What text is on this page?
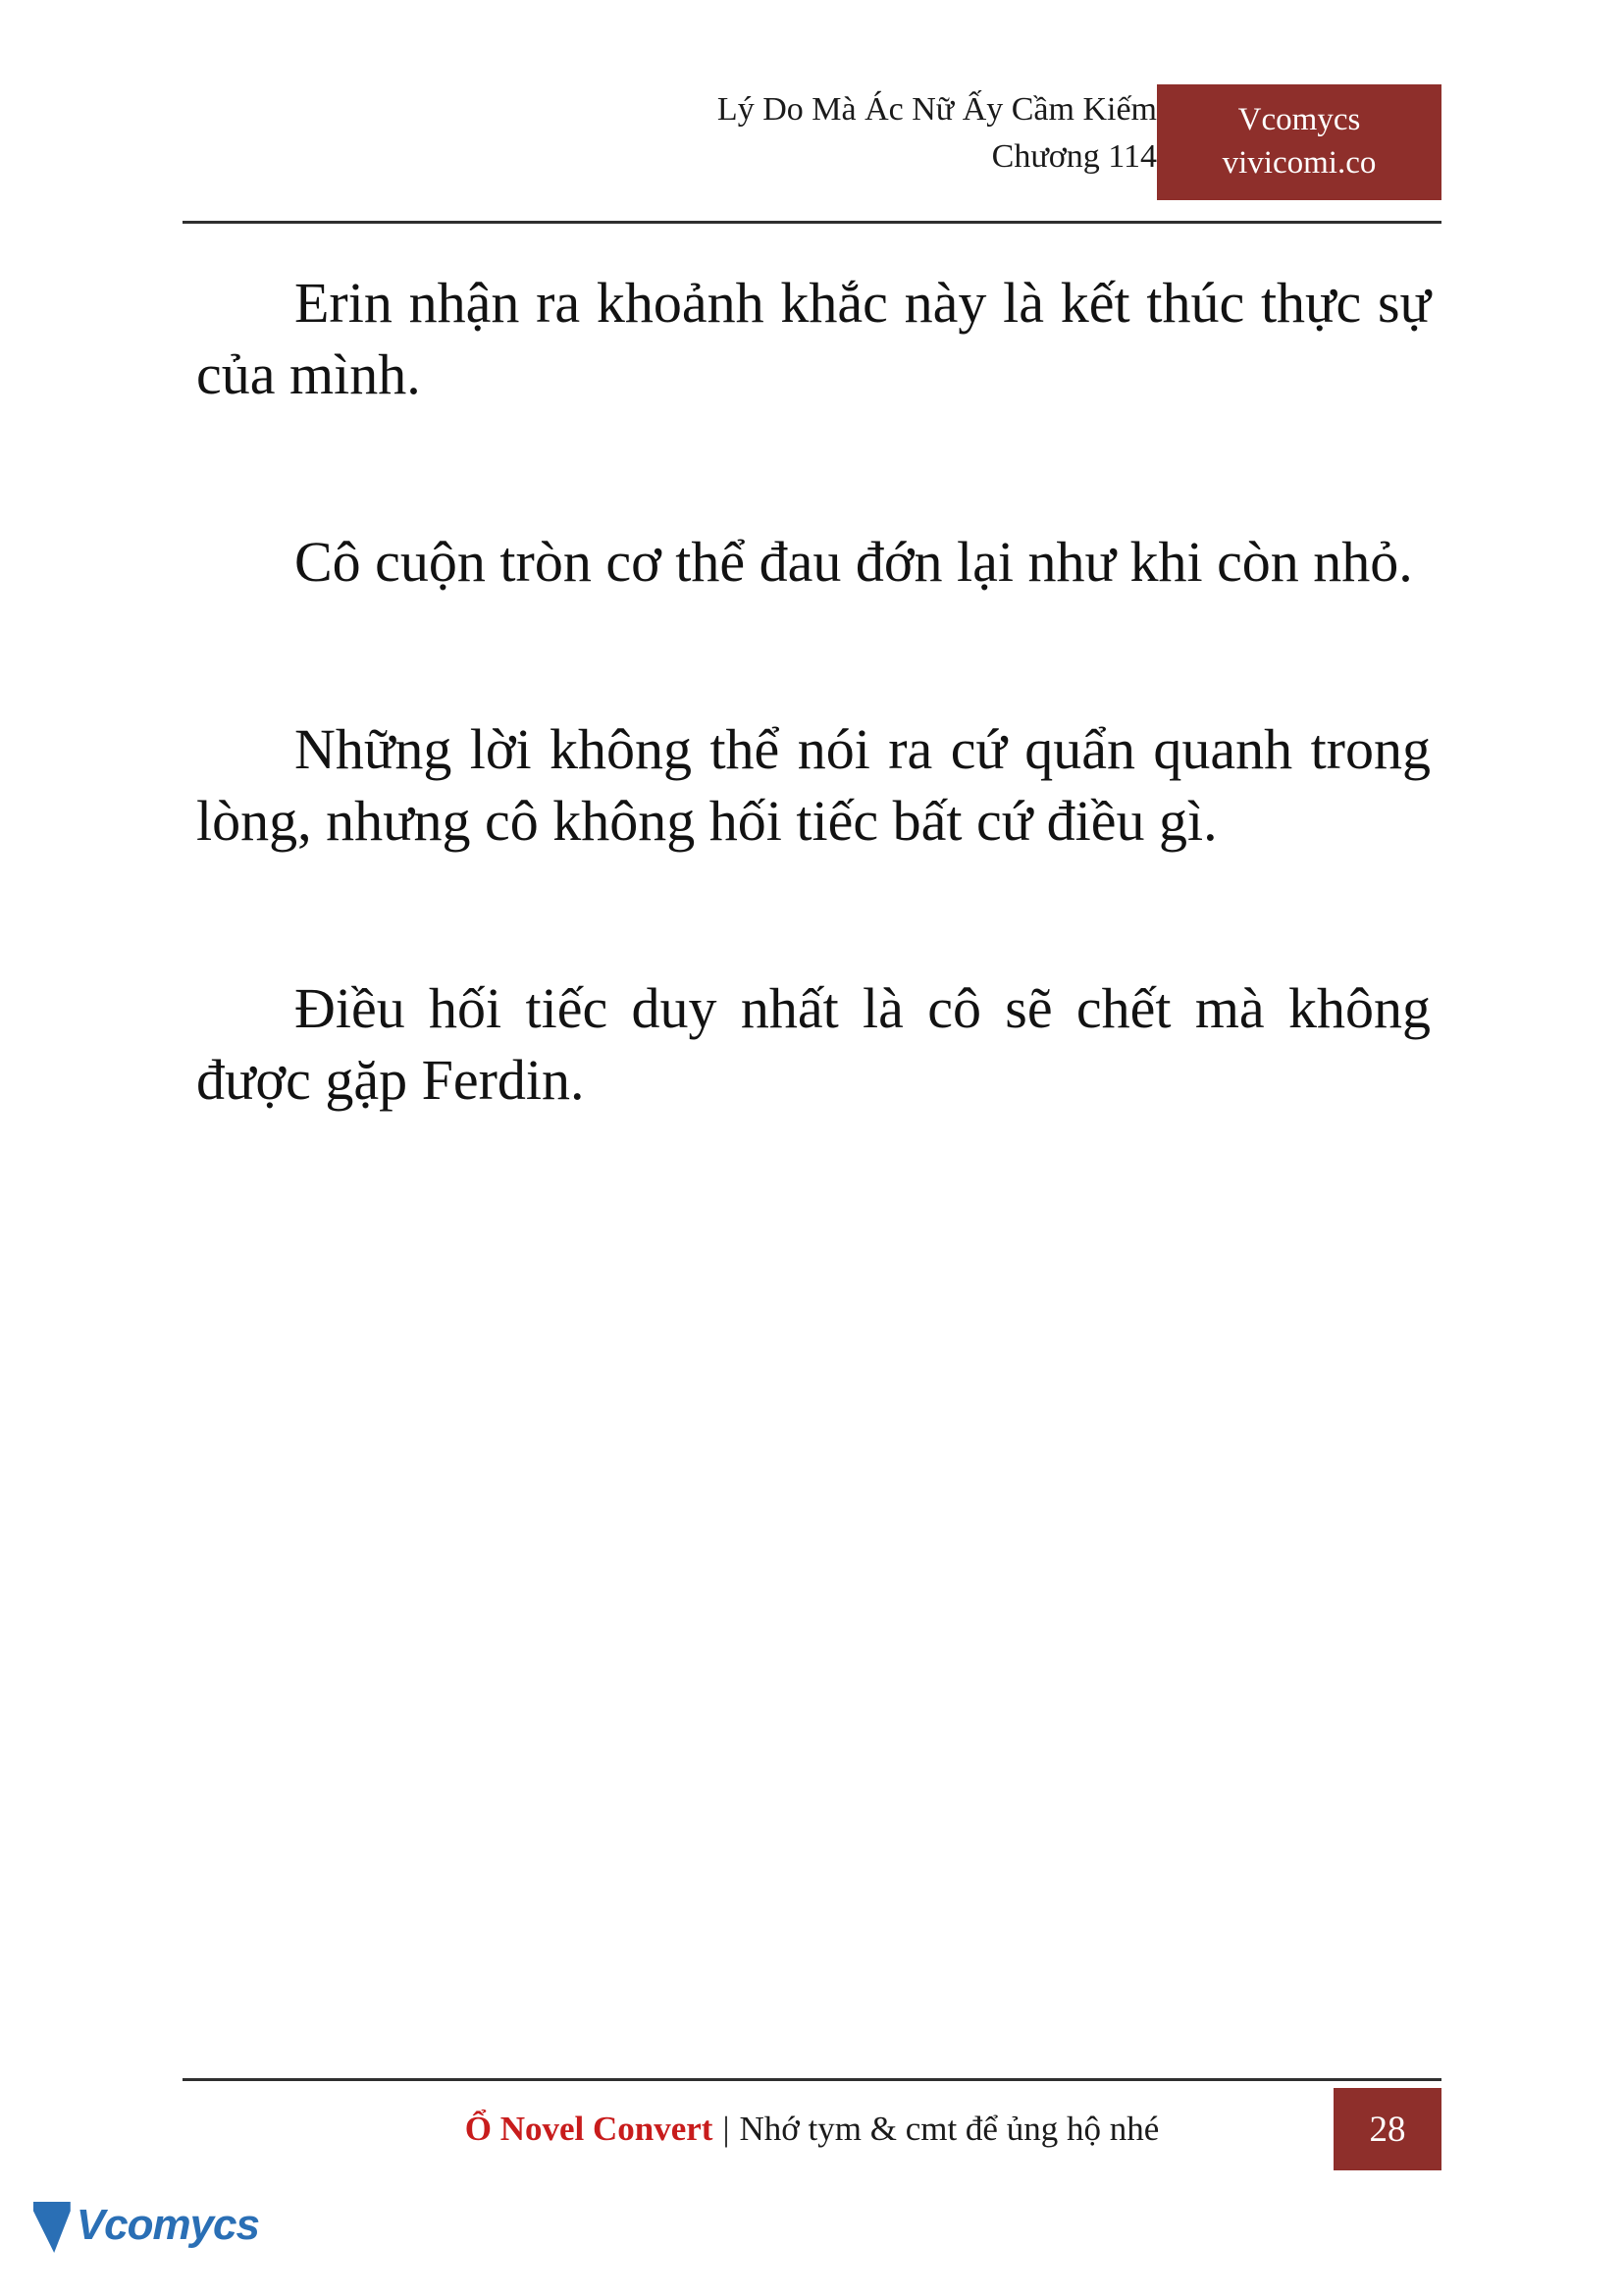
Lý Do Mà Ác Nữ Ấy Cầm Kiếm
Chương 114
Vcomycs
vivicomi.co

Erin nhận ra khoảnh khắc này là kết thúc thực sự của mình.

Cô cuộn tròn cơ thể đau đớn lại như khi còn nhỏ.

Những lời không thể nói ra cứ quẩn quanh trong lòng, nhưng cô không hối tiếc bất cứ điều gì.

Điều hối tiếc duy nhất là cô sẽ chết mà không được gặp Ferdin.

Ổ Novel Convert | Nhớ tym & cmt để ủng hộ nhé	28
Vcomycs
